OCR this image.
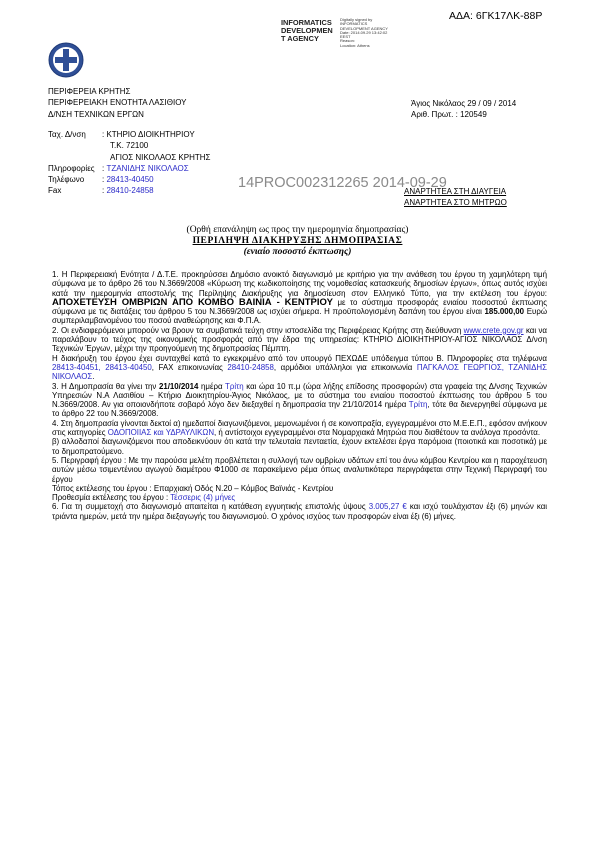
ΑΔΑ: 6ΓΚ17ΛΚ-88Ρ
INFORMATICS
DEVELOPMEN
T AGENCY
Digitally signed by
INFORMATICS
DEVELOPMENT AGENCY
Date: 2014.09.29 13:42:02
EEST
Reason:
Location: Athens
ΠΕΡΙΦΕΡΕΙΑ ΚΡΗΤΗΣ
ΠΕΡΙΦΕΡΕΙΑΚΗ ΕΝΟΤΗΤΑ ΛΑΣΙΘΙΟΥ
Δ/ΝΣΗ ΤΕΧΝΙΚΩΝ ΕΡΓΩΝ
Άγιος Νικόλαος 29 / 09 / 2014
Αριθ. Πρωτ. : 120549
Ταχ. Δ/νση	: ΚΤΗΡΙΟ ΔΙΟΙΚΗΤΗΡΙΟΥ
Τ.Κ. 72100
ΑΓΙΟΣ ΝΙΚΟΛΑΟΣ ΚΡΗΤΗΣ
Πληροφορίες : ΤΖΑΝΙΔΗΣ ΝΙΚΟΛΑΟΣ
Τηλέφωνο	: 28413-40450
Fax	: 28410-24858	14PROC002312265 2014-09-29
ΑΝΑΡΤΗΤΕΑ ΣΤΗ ΔΙΑΥΓΕΙΑ
ΑΝΑΡΤΗΤΕΑ ΣΤΟ ΜΗΤΡΩΟ
(Ορθή επανάληψη ως προς την ημερομηνία δημοπρασίας)
ΠΕΡΙΛΗΨΗ ΔΙΑΚΗΡΥΞΗΣ ΔΗΜΟΠΡΑΣΙΑΣ
(ενιαίο ποσοστό έκπτωσης)

1. Η Περιφερειακή Ενότητα / Δ.Τ.Ε. προκηρύσσει Δημόσιο ανοικτό διαγωνισμό με κριτήριο για την ανάθεση του έργου τη χαμηλότερη τιμή σύμφωνα με το άρθρο 26 του Ν.3669/2008 «Κύρωση της κωδικοποίησης της νομοθεσίας κατασκευής δημοσίων έργων», όπως αυτός ισχύει κατά την ημερομηνία αποστολής της Περίληψης Διακήρυξης για δημοσίευση στον Ελληνικό Τύπο, για την εκτέλεση του έργου: ΑΠΟΧΕΤΕΥΣΗ ΟΜΒΡΙΩΝ ΑΠΟ ΚΟΜΒΟ ΒΑΙΝΙΑ - ΚΕΝΤΡΙΟΥ με το σύστημα προσφοράς ενιαίου ποσοστού έκπτωσης σύμφωνα με τις διατάξεις του άρθρου 5 του Ν.3669/2008 ως ισχύει σήμερα. Η προϋπολογισμένη δαπάνη του έργου είναι 185.000,00 Ευρώ συμπεριλαμβανομένου του ποσού αναθεώρησης και Φ.Π.Α.

2. Οι ενδιαφερόμενοι μπορούν να βρουν τα συμβατικά τεύχη στην ιστοσελίδα της Περιφέρειας Κρήτης στη διεύθυνση www.crete.gov.gr και να παραλάβουν το τεύχος της οικονομικής προσφοράς από την έδρα της υπηρεσίας: ΚΤΗΡΙΟ ΔΙΟΙΚΗΤΗΡΙΟΥ-ΑΓΙΟΣ ΝΙΚΟΛΑΟΣ Δ/νση Τεχνικών Έργων, μέχρι την προηγούμενη της δημοπρασίας Πέμπτη.

Η διακήρυξη του έργου έχει συνταχθεί κατά το εγκεκριμένο από τον υπουργό ΠΕΧΩΔΕ υπόδειγμα τύπου Β. Πληροφορίες στα τηλέφωνα 28413-40451, 28413-40450, FAX επικοινωνίας 28410-24858, αρμόδιοι υπάλληλοι για επικοινωνία ΠΑΓΚΑΛΟΣ ΓΕΩΡΓΙΟΣ, ΤΖΑΝΙΔΗΣ ΝΙΚΟΛΑΟΣ.

3. Η Δημοπρασία θα γίνει την 21/10/2014 ημέρα Τρίτη και ώρα 10 π.μ (ώρα λήξης επίδοσης προσφορών) στα γραφεία της Δ/νσης Τεχνικών Υπηρεσιών Ν.Α Λασιθίου – Κτήριο Διοικητηρίου-Άγιος Νικόλαος, με το σύστημα του ενιαίου ποσοστού έκπτωσης του άρθρου 5 του Ν.3669/2008. Αν για οποιονδήποτε σοβαρό λόγο δεν διεξαχθεί η δημοπρασία την 21/10/2014 ημέρα Τρίτη, τότε θα διενεργηθεί σύμφωνα με το άρθρο 22 του Ν.3669/2008.

4. Στη δημοπρασία γίνονται δεκτοί α) ημεδαποί διαγωνιζόμενοι, μεμονωμένοι ή σε κοινοπραξία, εγγεγραμμένοι στο Μ.Ε.Ε.Π., εφόσον ανήκουν στις κατηγορίες ΟΔΟΠΟΙΙΑΣ και ΥΔΡΑΥΛΙΚΩΝ, ή αντίστοιχοι εγγεγραμμένοι στα Νομαρχιακά Μητρώα που διαθέτουν τα ανάλογα προσόντα.

β) αλλοδαποί διαγωνιζόμενοι που αποδεικνύουν ότι κατά την τελευταία πενταετία, έχουν εκτελέσει έργα παρόμοια (ποιοτικά και ποσοτικά) με το δημοπρατούμενο.

5. Περιγραφή έργου : Με την παρούσα μελέτη προβλέπεται η συλλογή των ομβρίων υδάτων επί του άνω κόμβου Κεντρίου και η παροχέτευση αυτών μέσω τσιμεντένιου αγωγού διαμέτρου Φ1000 σε παρακείμενο ρέμα όπως αναλυτικότερα περιγράφεται στην Τεχνική Περιγραφή του έργου

Τόπος εκτέλεσης του έργου : Επαρχιακή Οδός Ν.20 – Κόμβος Βαϊνιάς - Κεντρίου

Προθεσμία εκτέλεσης του έργου : Τέσσερις (4) μήνες

6. Για τη συμμετοχή στο διαγωνισμό απαιτείται η κατάθεση εγγυητικής επιστολής ύψους 3.005,27 € και ισχύ τουλάχιστον έξι (6) μηνών και τριάντα ημερών, μετά την ημέρα διεξαγωγής του διαγωνισμού. Ο χρόνος ισχύος των προσφορών είναι έξι (6) μήνες.
